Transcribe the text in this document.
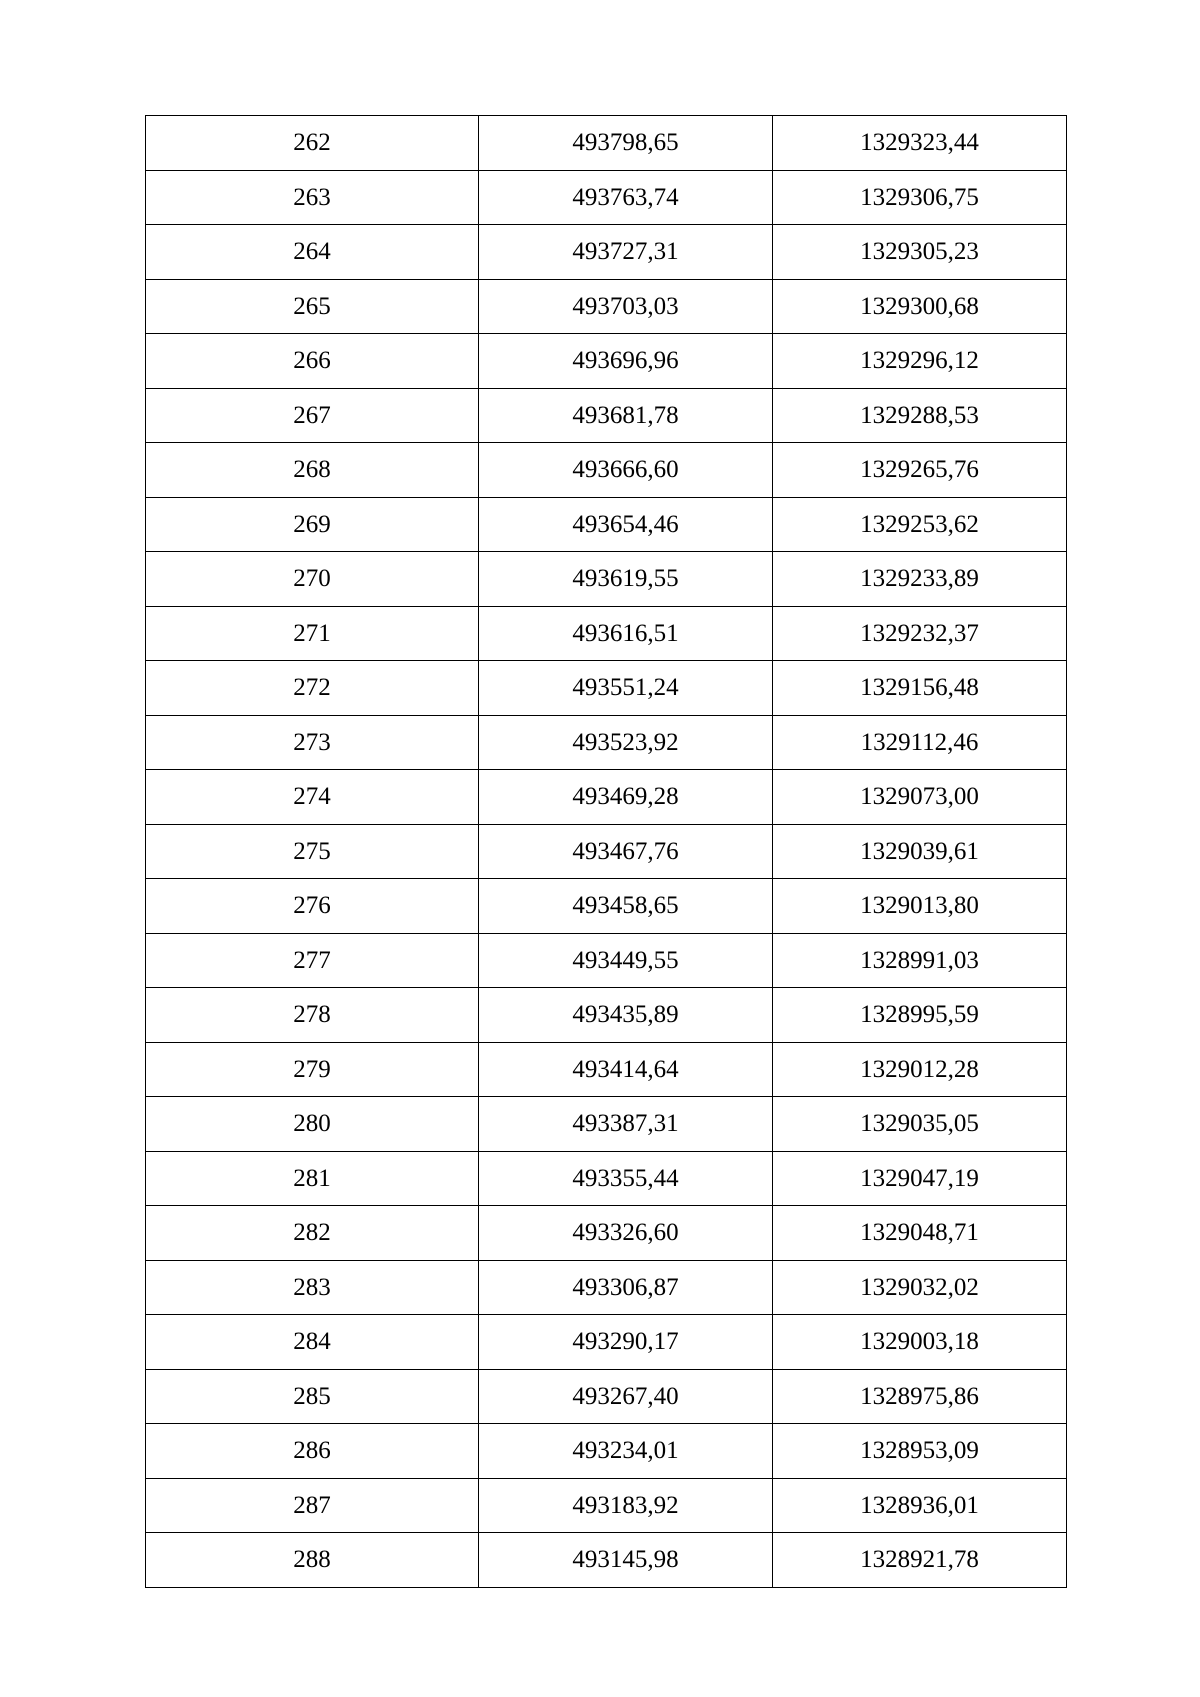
262	493798,65	1329323,44
263	493763,74	1329306,75
264	493727,31	1329305,23
265	493703,03	1329300,68
266	493696,96	1329296,12
267	493681,78	1329288,53
268	493666,60	1329265,76
269	493654,46	1329253,62
270	493619,55	1329233,89
271	493616,51	1329232,37
272	493551,24	1329156,48
273	493523,92	1329112,46
274	493469,28	1329073,00
275	493467,76	1329039,61
276	493458,65	1329013,80
277	493449,55	1328991,03
278	493435,89	1328995,59
279	493414,64	1329012,28
280	493387,31	1329035,05
281	493355,44	1329047,19
282	493326,60	1329048,71
283	493306,87	1329032,02
284	493290,17	1329003,18
285	493267,40	1328975,86
286	493234,01	1328953,09
287	493183,92	1328936,01
288	493145,98	1328921,78
